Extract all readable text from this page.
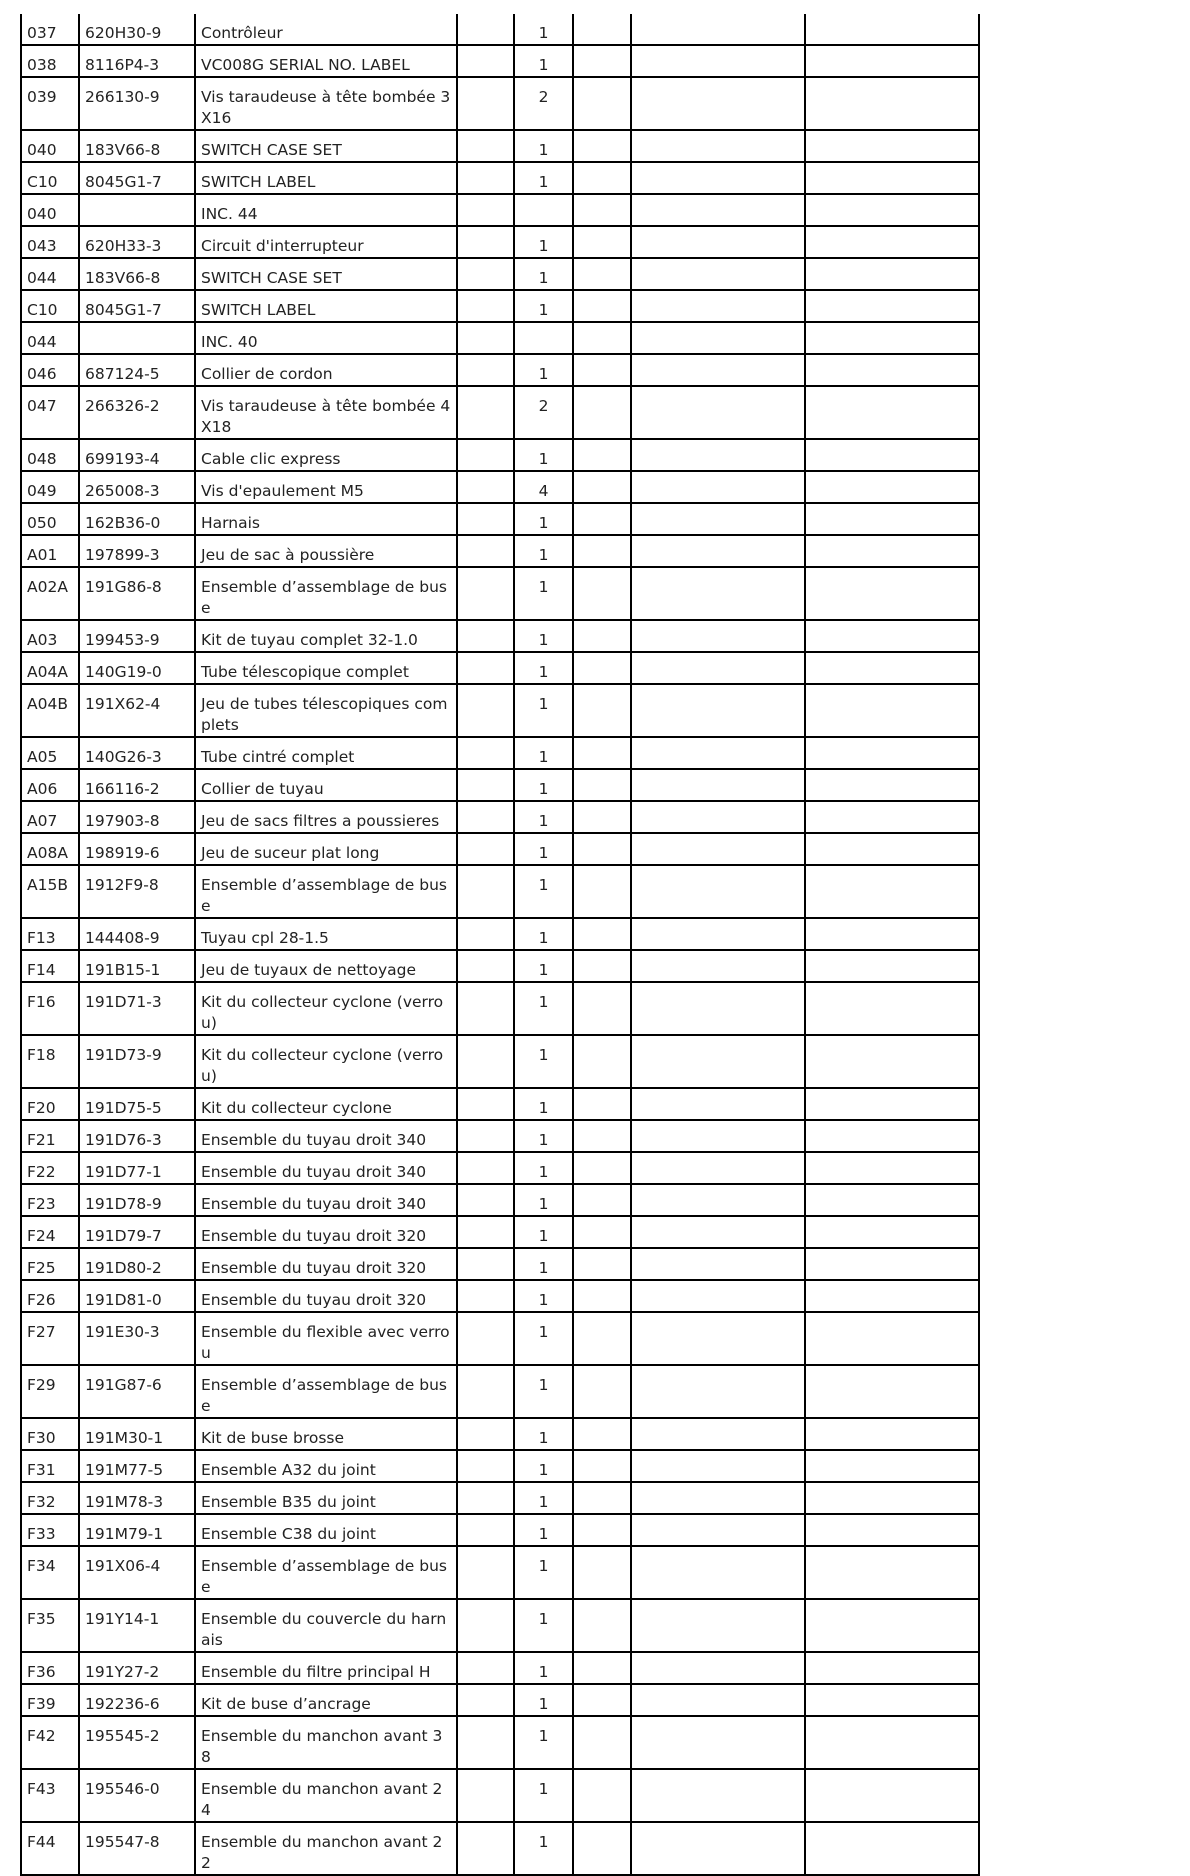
037	620H30-9	Contrôleur		1			
038	8116P4-3	VC008G SERIAL NO. LABEL		1			
039	266130-9	Vis taraudeuse à tête bombée 3X16		2			
040	183V66-8	SWITCH CASE SET		1			
C10	8045G1-7	SWITCH LABEL		1			
040		INC. 44					
043	620H33-3	Circuit d'interrupteur		1			
044	183V66-8	SWITCH CASE SET		1			
C10	8045G1-7	SWITCH LABEL		1			
044		INC. 40					
046	687124-5	Collier de cordon		1			
047	266326-2	Vis taraudeuse à tête bombée 4X18		2			
048	699193-4	Cable clic express		1			
049	265008-3	Vis d'epaulement M5		4			
050	162B36-0	Harnais		1			
A01	197899-3	Jeu de sac à poussière		1			
A02A	191G86-8	Ensemble d’assemblage de buse		1			
A03	199453-9	Kit de tuyau complet 32-1.0		1			
A04A	140G19-0	Tube télescopique complet		1			
A04B	191X62-4	Jeu de tubes télescopiques complets		1			
A05	140G26-3	Tube cintré complet		1			
A06	166116-2	Collier de tuyau		1			
A07	197903-8	Jeu de sacs filtres a poussieres		1			
A08A	198919-6	Jeu de suceur plat long		1			
A15B	1912F9-8	Ensemble d’assemblage de buse		1			
F13	144408-9	Tuyau cpl 28-1.5		1			
F14	191B15-1	Jeu de tuyaux de nettoyage		1			
F16	191D71-3	Kit du collecteur cyclone (verrou)		1			
F18	191D73-9	Kit du collecteur cyclone (verrou)		1			
F20	191D75-5	Kit du collecteur cyclone		1			
F21	191D76-3	Ensemble du tuyau droit 340		1			
F22	191D77-1	Ensemble du tuyau droit 340		1			
F23	191D78-9	Ensemble du tuyau droit 340		1			
F24	191D79-7	Ensemble du tuyau droit 320		1			
F25	191D80-2	Ensemble du tuyau droit 320		1			
F26	191D81-0	Ensemble du tuyau droit 320		1			
F27	191E30-3	Ensemble du flexible avec verrou		1			
F29	191G87-6	Ensemble d’assemblage de buse		1			
F30	191M30-1	Kit de buse brosse		1			
F31	191M77-5	Ensemble A32 du joint		1			
F32	191M78-3	Ensemble B35 du joint		1			
F33	191M79-1	Ensemble C38 du joint		1			
F34	191X06-4	Ensemble d’assemblage de buse		1			
F35	191Y14-1	Ensemble du couvercle du harnais		1			
F36	191Y27-2	Ensemble du filtre principal H		1			
F39	192236-6	Kit de buse d’ancrage		1			
F42	195545-2	Ensemble du manchon avant 38		1			
F43	195546-0	Ensemble du manchon avant 24		1			
F44	195547-8	Ensemble du manchon avant 22		1			
